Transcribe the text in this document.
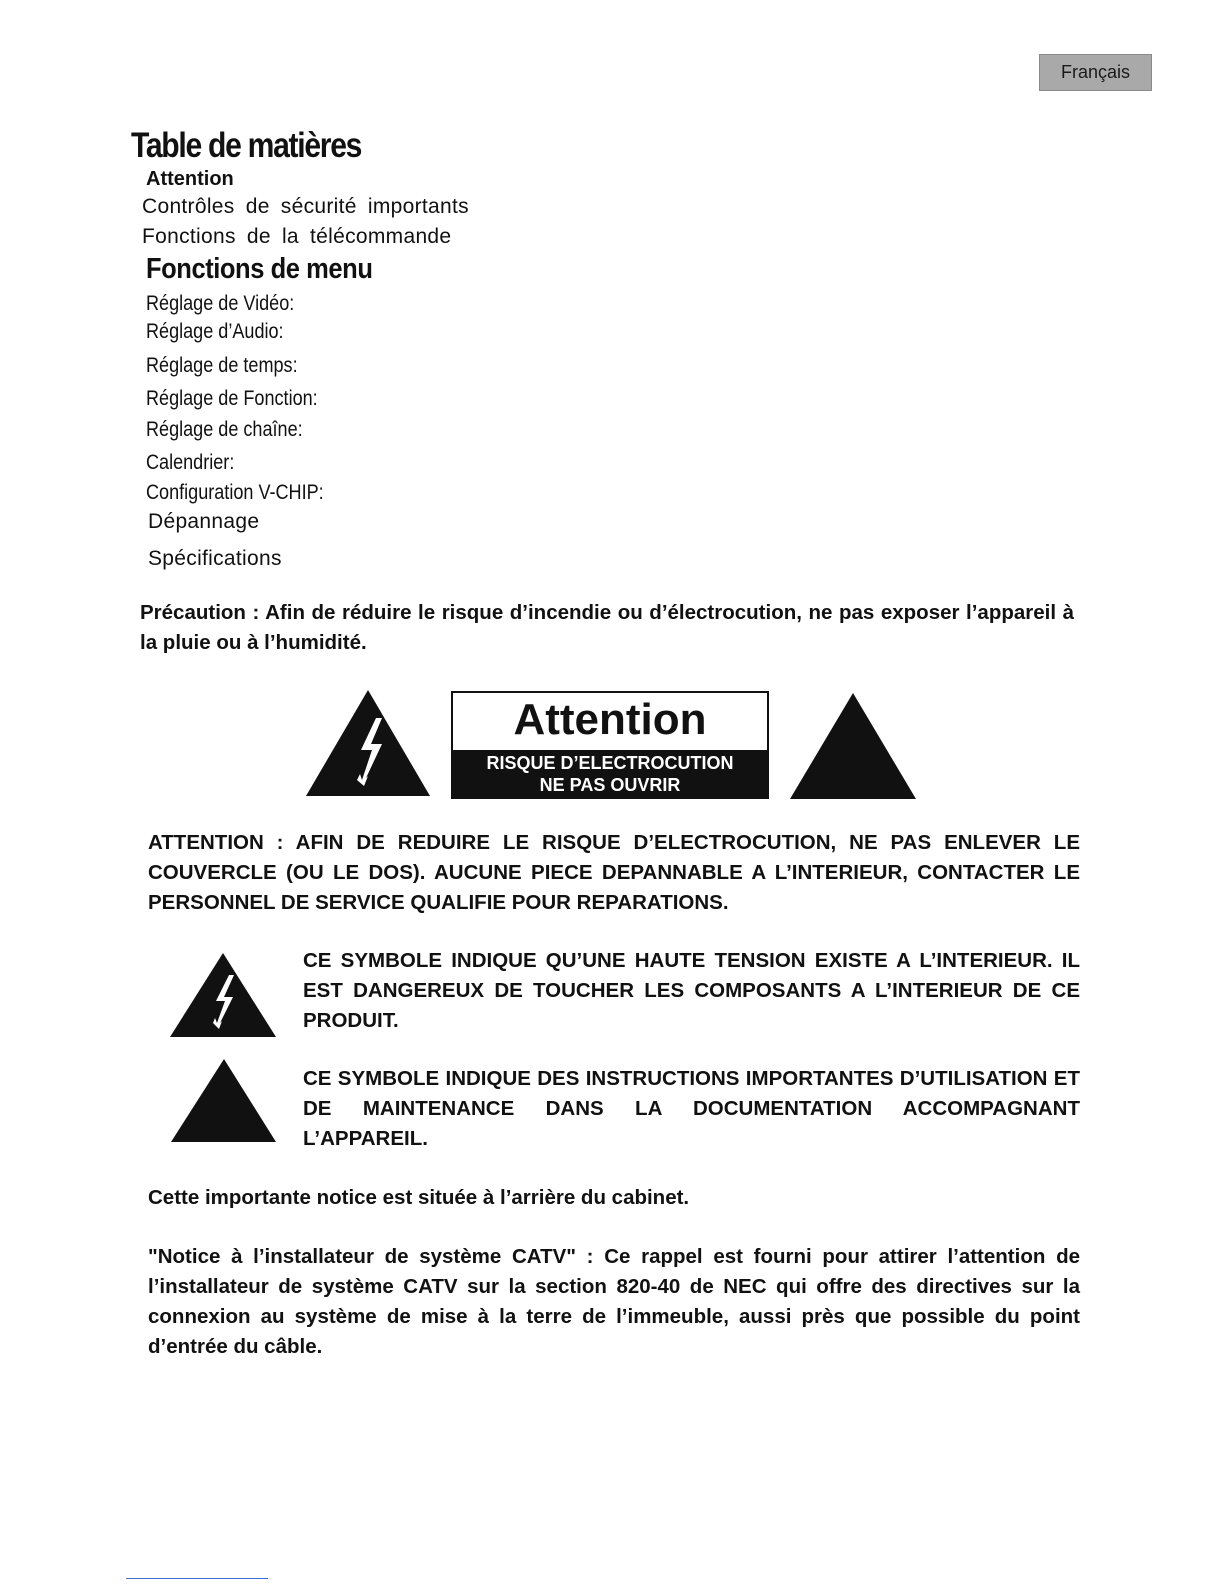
Français
Table de matières

Attention

Contrôles de sécurité importants

Fonctions de la télécommande

Fonctions de menu

Réglage de Vidéo:

Réglage d’Audio:

Réglage de temps:

Réglage de Fonction:

Réglage de chaîne:

Calendrier:

Configuration V-CHIP:

Dépannage

Spécifications

Précaution : Afin de réduire le risque d’incendie ou d’électrocution, ne pas exposer l’appareil à la pluie ou à l’humidité.

Attention
RISQUE D’ELECTROCUTION
NE PAS OUVRIR

ATTENTION : AFIN DE REDUIRE LE RISQUE D’ELECTROCUTION, NE PAS ENLEVER LE COUVERCLE (OU LE DOS). AUCUNE PIECE DEPANNABLE A L’INTERIEUR, CONTACTER LE PERSONNEL DE SERVICE QUALIFIE POUR REPARATIONS.

CE SYMBOLE INDIQUE QU’UNE HAUTE TENSION EXISTE A L’INTERIEUR. IL EST DANGEREUX DE TOUCHER LES COMPOSANTS A L’INTERIEUR DE CE PRODUIT.

CE SYMBOLE INDIQUE DES INSTRUCTIONS IMPORTANTES D’UTILISATION ET DE MAINTENANCE DANS LA DOCUMENTATION ACCOMPAGNANT L’APPAREIL.

Cette importante notice est située à l’arrière du cabinet.

"Notice à l’installateur de système CATV" : Ce rappel est fourni pour attirer l’attention de l’installateur de système CATV sur la section 820-40 de NEC qui offre des directives sur la connexion au système de mise à la terre de l’immeuble, aussi près que possible du point d’entrée du câble.
